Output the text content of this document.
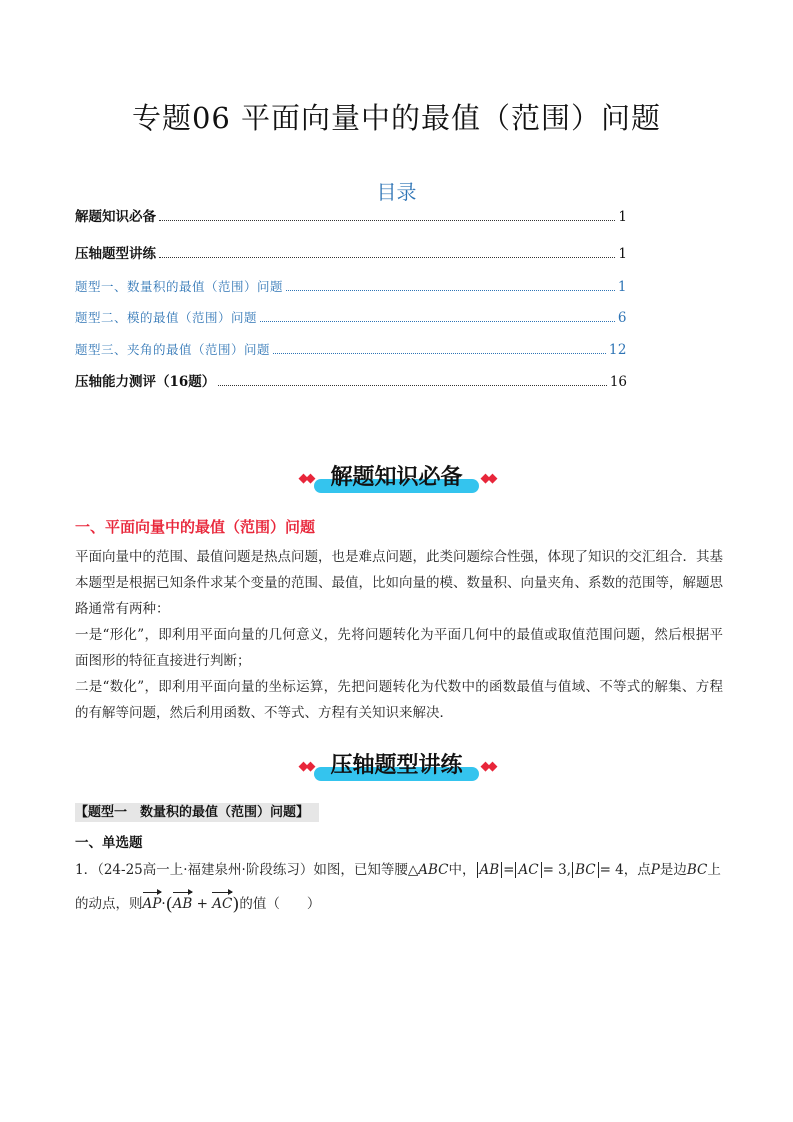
专题06 平面向量中的最值（范围）问题
目录
解题知识必备	1
压轴题型讲练	1
题型一、数量积的最值（范围）问题	1
题型二、模的最值（范围）问题	6
题型三、夹角的最值（范围）问题	12
压轴能力测评（16题）	16
◆◆ 解题知识必备	◆◆
一、平面向量中的最值（范围）问题
平面向量中的范围、最值问题是热点问题，也是难点问题，此类问题综合性强，体现了知识的交汇组合．其基本题型是根据已知条件求某个变量的范围、最值，比如向量的模、数量积、向量夹角、系数的范围等，解题思路通常有两种：
一是“形化”，即利用平面向量的几何意义，先将问题转化为平面几何中的最值或取值范围问题，然后根据平面图形的特征直接进行判断；
二是“数化”，即利用平面向量的坐标运算，先把问题转化为代数中的函数最值与值域、不等式的解集、方程的有解等问题，然后利用函数、不等式、方程有关知识来解决．
◆◆ 压轴题型讲练	◆◆
【题型一　数量积的最值（范围）问题】
一、单选题
1．（24-25高一上·福建泉州·阶段练习）如图，已知等腰△ABC中， AB = AC = 3, BC = 4，点P是边BC上
的动点，则AP·(AB + AC)的值（　　）
